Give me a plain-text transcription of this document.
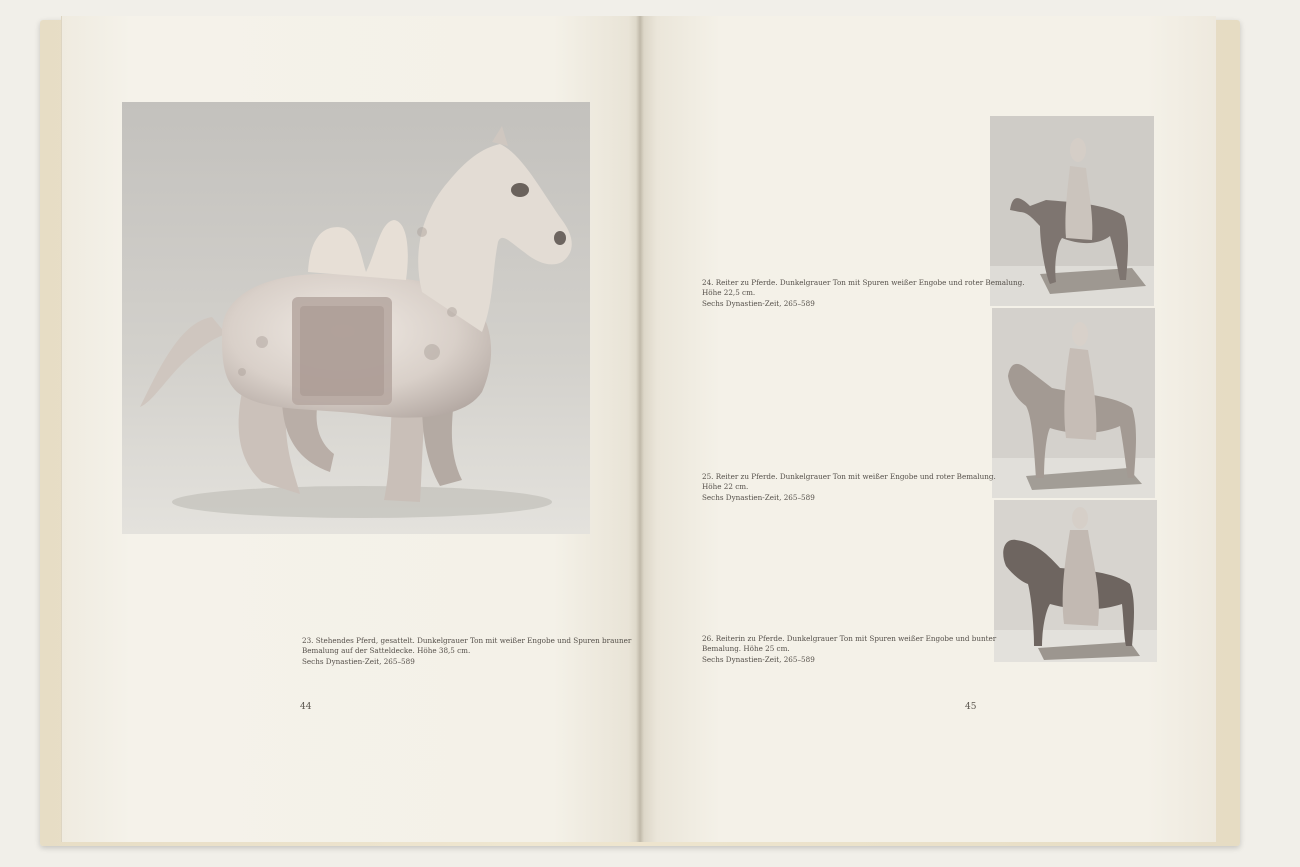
23. Stehendes Pferd, gesattelt. Dunkelgrauer Ton mit weißer Engobe und Spuren brauner
Bemalung auf der Satteldecke. Höhe 38,5 cm.
Sechs Dynastien-Zeit, 265–589
44
24. Reiter zu Pferde. Dunkelgrauer Ton mit Spuren weißer Engobe und roter Bemalung.
Höhe 22,5 cm.
Sechs Dynastien-Zeit, 265–589
25. Reiter zu Pferde. Dunkelgrauer Ton mit weißer Engobe und roter Bemalung.
Höhe 22 cm.
Sechs Dynastien-Zeit, 265–589
26. Reiterin zu Pferde. Dunkelgrauer Ton mit Spuren weißer Engobe und bunter
Bemalung. Höhe 25 cm.
Sechs Dynastien-Zeit, 265–589
45
